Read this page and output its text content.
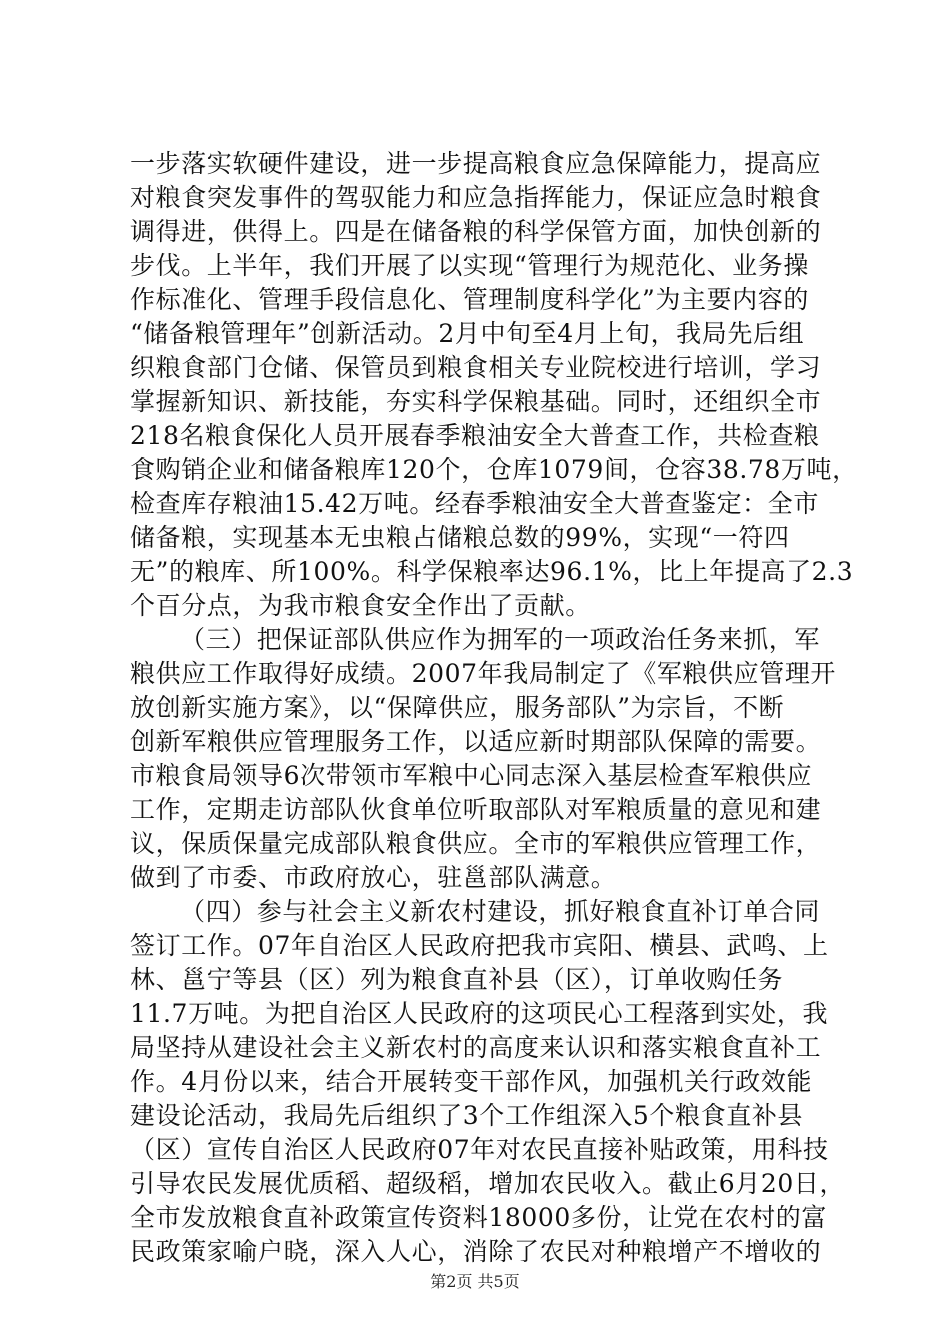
一步落实软硬件建设，进一步提高粮食应急保障能力，提高应
对粮食突发事件的驾驭能力和应急指挥能力，保证应急时粮食
调得进，供得上。四是在储备粮的科学保管方面，加快创新的
步伐。上半年，我们开展了以实现“管理行为规范化、业务操
作标准化、管理手段信息化、管理制度科学化”为主要内容的
“储备粮管理年”创新活动。2月中旬至4月上旬，我局先后组
织粮食部门仓储、保管员到粮食相关专业院校进行培训，学习
掌握新知识、新技能，夯实科学保粮基础。同时，还组织全市
218名粮食保化人员开展春季粮油安全大普查工作，共检查粮
食购销企业和储备粮库120个，仓库1079间，仓容38.78万吨，
检查库存粮油15.42万吨。经春季粮油安全大普查鉴定：全市
储备粮，实现基本无虫粮占储粮总数的99%，实现“一符四
无”的粮库、所100%。科学保粮率达96.1%，比上年提高了2.3
个百分点，为我市粮食安全作出了贡献。
（三）把保证部队供应作为拥军的一项政治任务来抓，军
粮供应工作取得好成绩。2007年我局制定了《军粮供应管理开
放创新实施方案》，以“保障供应，服务部队”为宗旨，不断
创新军粮供应管理服务工作，以适应新时期部队保障的需要。
市粮食局领导6次带领市军粮中心同志深入基层检查军粮供应
工作，定期走访部队伙食单位听取部队对军粮质量的意见和建
议，保质保量完成部队粮食供应。全市的军粮供应管理工作，
做到了市委、市政府放心，驻邕部队满意。
（四）参与社会主义新农村建设，抓好粮食直补订单合同
签订工作。07年自治区人民政府把我市宾阳、横县、武鸣、上
林、邕宁等县（区）列为粮食直补县（区），订单收购任务
11.7万吨。为把自治区人民政府的这项民心工程落到实处，我
局坚持从建设社会主义新农村的高度来认识和落实粮食直补工
作。4月份以来，结合开展转变干部作风，加强机关行政效能
建设论活动，我局先后组织了3个工作组深入5个粮食直补县
（区）宣传自治区人民政府07年对农民直接补贴政策，用科技
引导农民发展优质稻、超级稻，增加农民收入。截止6月20日，
全市发放粮食直补政策宣传资料18000多份，让党在农村的富
民政策家喻户晓，深入人心，消除了农民对种粮增产不增收的
第2页 共5页
